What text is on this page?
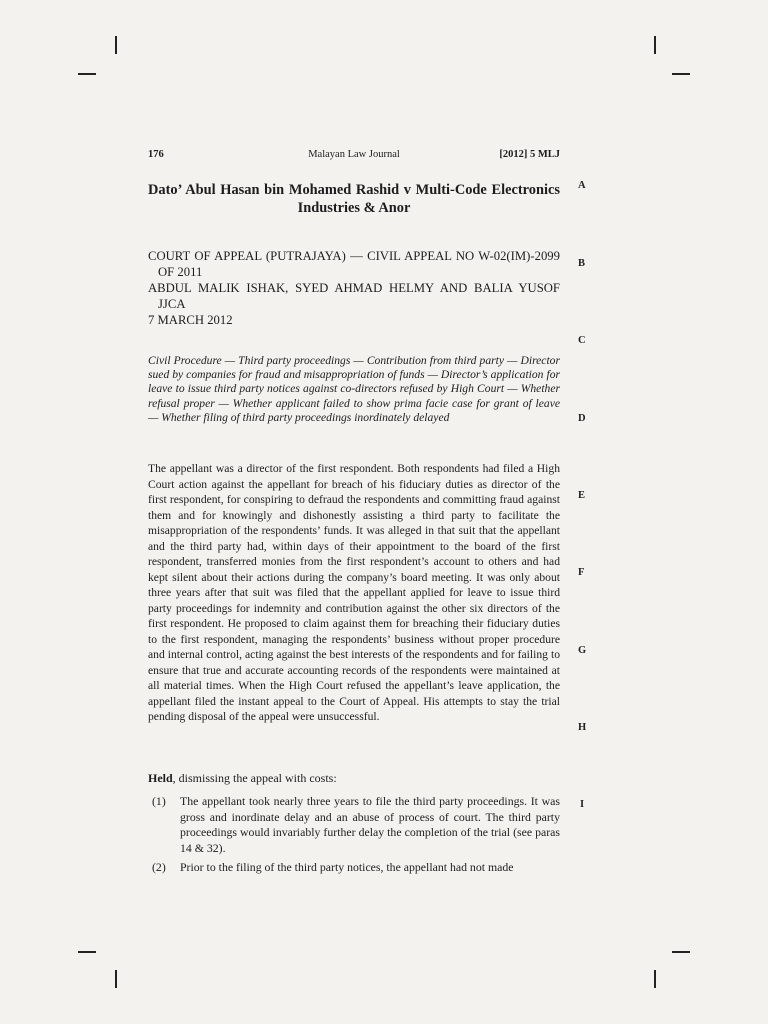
176	Malayan Law Journal	[2012] 5 MLJ
Dato’ Abul Hasan bin Mohamed Rashid v Multi-Code Electronics Industries & Anor

COURT OF APPEAL (PUTRAJAYA) — CIVIL APPEAL NO W-02(IM)-2099 OF 2011

ABDUL MALIK ISHAK, SYED AHMAD HELMY AND BALIA YUSOF JJCA

7 MARCH 2012

Civil Procedure — Third party proceedings — Contribution from third party — Director sued by companies for fraud and misappropriation of funds — Director’s application for leave to issue third party notices against co-directors refused by High Court — Whether refusal proper — Whether applicant failed to show prima facie case for grant of leave — Whether filing of third party proceedings inordinately delayed

The appellant was a director of the first respondent. Both respondents had filed a High Court action against the appellant for breach of his fiduciary duties as director of the first respondent, for conspiring to defraud the respondents and committing fraud against them and for knowingly and dishonestly assisting a third party to facilitate the misappropriation of the respondents’ funds. It was alleged in that suit that the appellant and the third party had, within days of their appointment to the board of the first respondent, transferred monies from the first respondent’s account to others and had kept silent about their actions during the company’s board meeting. It was only about three years after that suit was filed that the appellant applied for leave to issue third party proceedings for indemnity and contribution against the other six directors of the first respondent. He proposed to claim against them for breaching their fiduciary duties to the first respondent, managing the respondents’ business without proper procedure and internal control, acting against the best interests of the respondents and for failing to ensure that true and accurate accounting records of the respondents were maintained at all material times. When the High Court refused the appellant’s leave application, the appellant filed the instant appeal to the Court of Appeal. His attempts to stay the trial pending disposal of the appeal were unsuccessful.

Held, dismissing the appeal with costs:

(1) The appellant took nearly three years to file the third party proceedings. It was gross and inordinate delay and an abuse of process of court. The third party proceedings would invariably further delay the completion of the trial (see paras 14 & 32).
(2) Prior to the filing of the third party notices, the appellant had not made
A
B
C
D
E
F
G
H
I
